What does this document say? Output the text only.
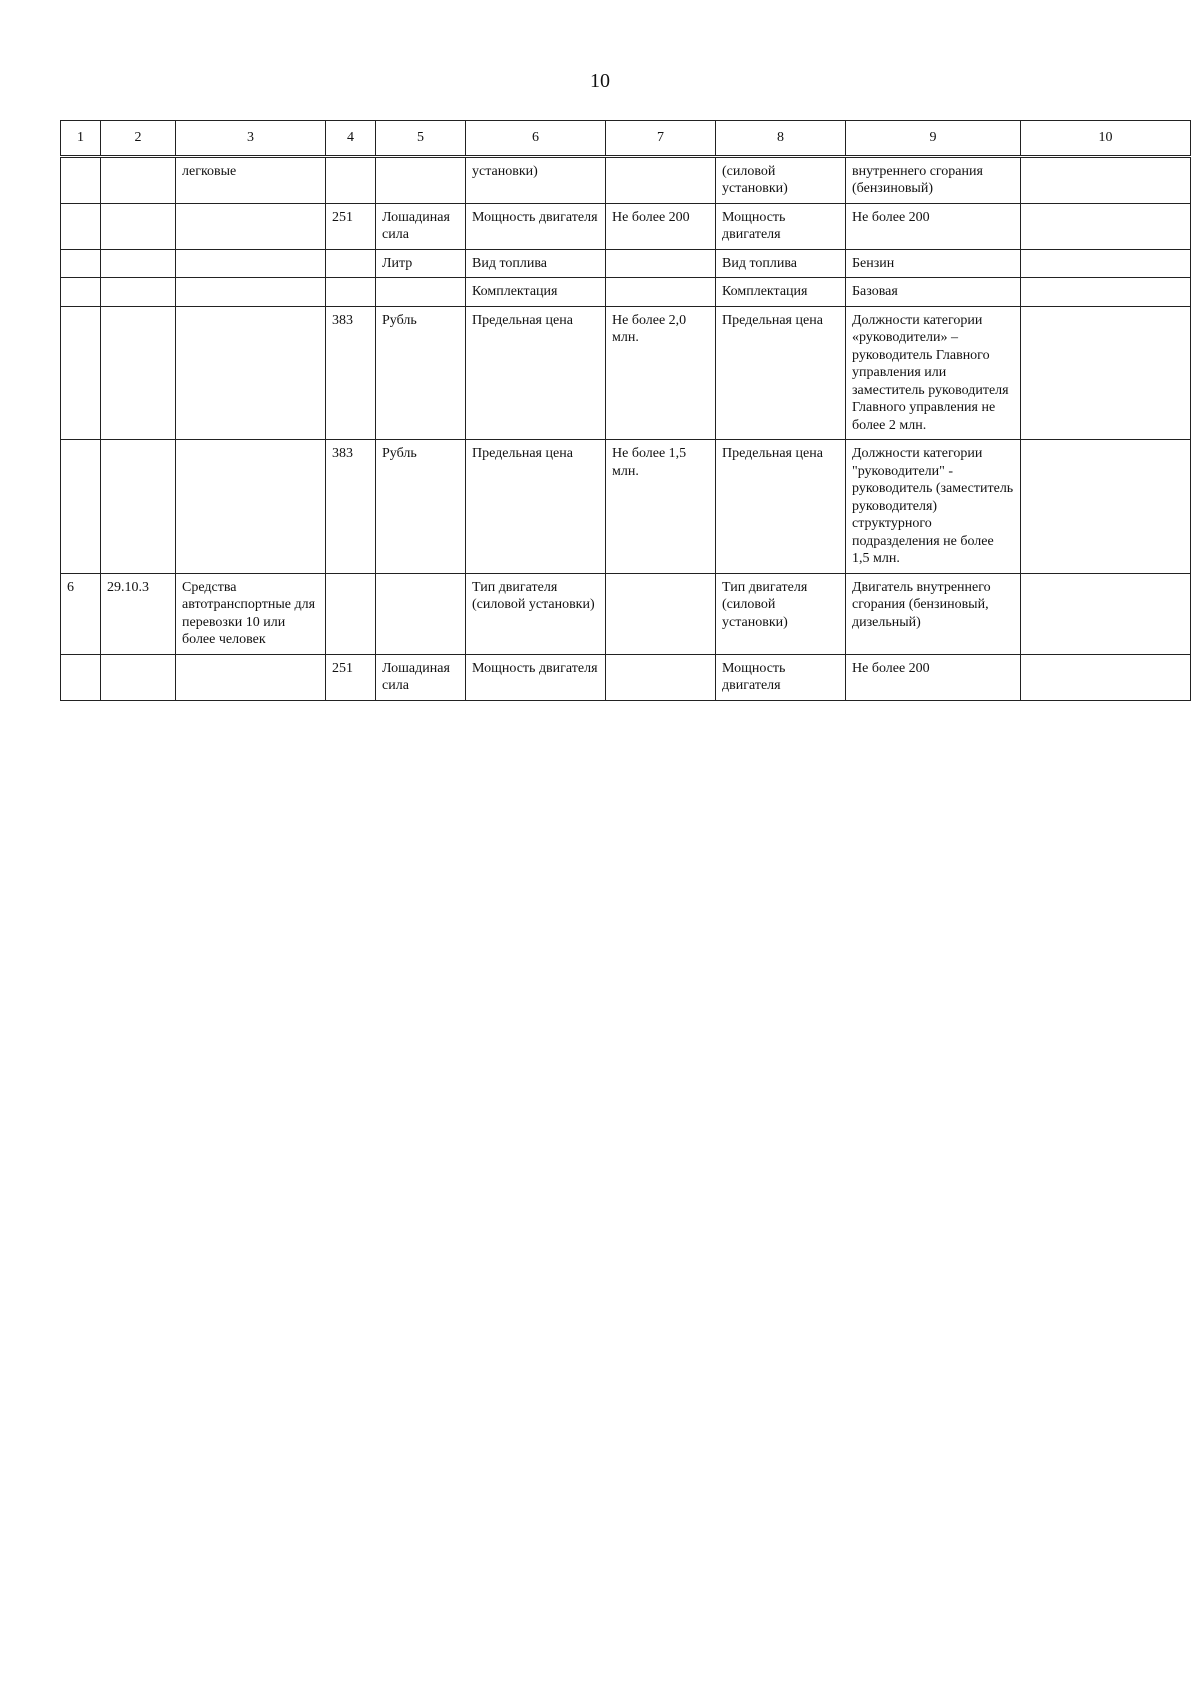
10
1	2	3	4	5	6	7	8	9	10
		легковые			установки)		(силовой установки)	внутреннего сгорания (бензиновый)	
			251	Лошадиная сила	Мощность двигателя	Не более 200	Мощность двигателя	Не более 200	
				Литр	Вид топлива		Вид топлива	Бензин	
					Комплектация		Комплектация	Базовая	
			383	Рубль	Предельная цена	Не более 2,0 млн.	Предельная цена	Должности категории «руководители» – руководитель Главного управления или заместитель руководителя Главного управления не более 2 млн.	
			383	Рубль	Предельная цена	Не более 1,5 млн.	Предельная цена	Должности категории "руководители" - руководитель (заместитель руководителя) структурного подразделения не более 1,5 млн.	
6	29.10.3	Средства автотранспортные для перевозки 10 или более человек			Тип двигателя (силовой установки)		Тип двигателя (силовой установки)	Двигатель внутреннего сгорания (бензиновый, дизельный)	
			251	Лошадиная сила	Мощность двигателя		Мощность двигателя	Не более 200	
